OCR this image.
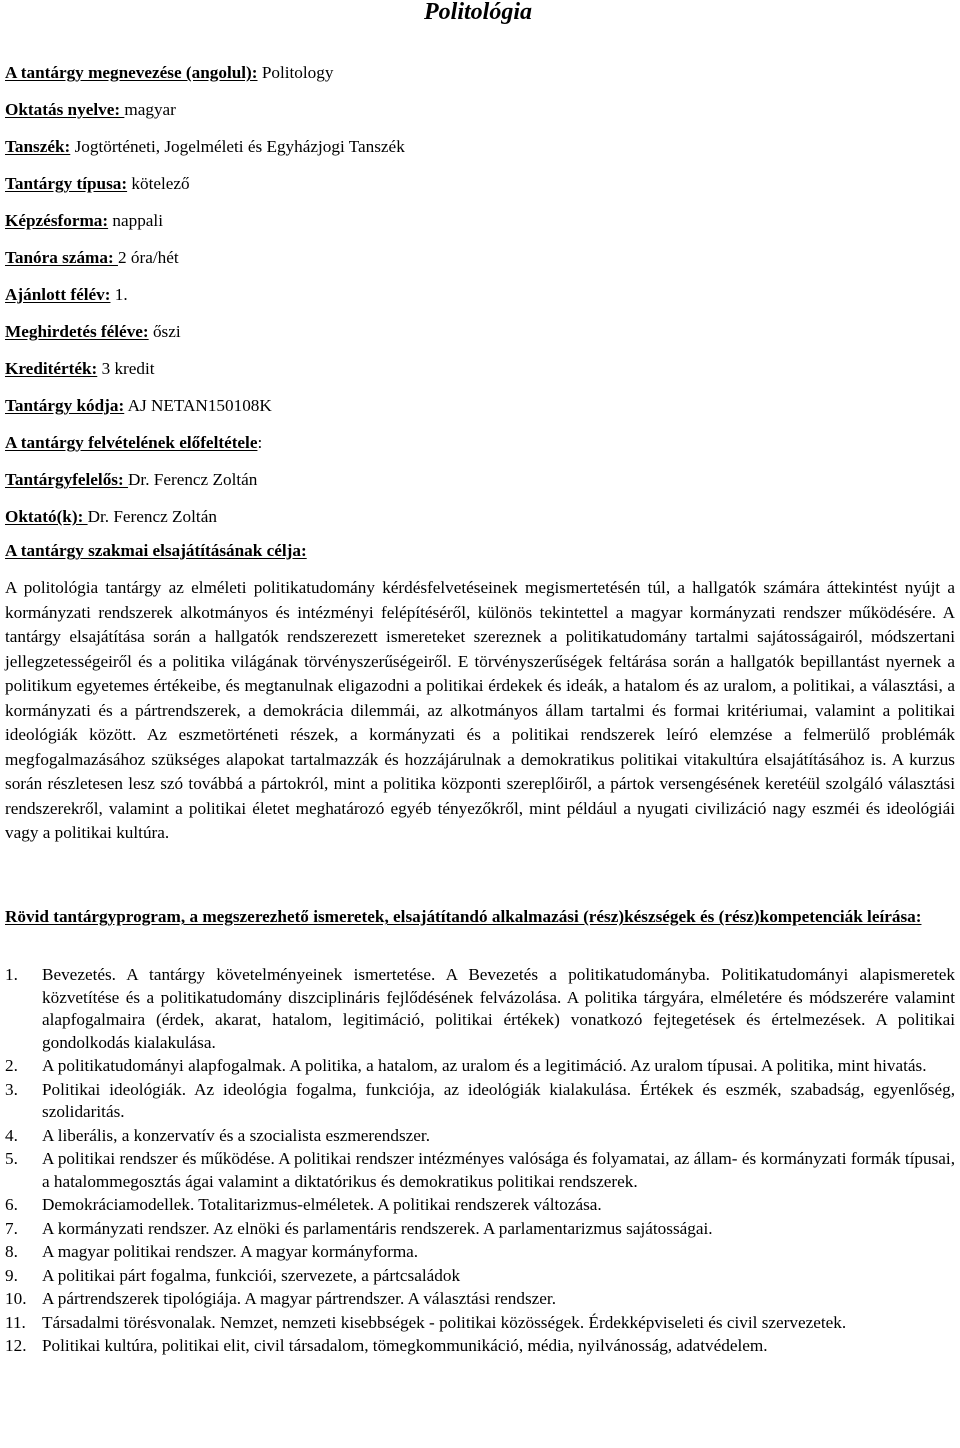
Politológia
A tantárgy megnevezése (angolul): Politology
Oktatás nyelve: magyar
Tanszék: Jogtörténeti, Jogelméleti és Egyházjogi Tanszék
Tantárgy típusa: kötelező
Képzésforma: nappali
Tanóra száma: 2 óra/hét
Ajánlott félév: 1.
Meghirdetés féléve: őszi
Kreditérték: 3 kredit
Tantárgy kódja: AJ NETAN150108K
A tantárgy felvételének előfeltétele:
Tantárgyfelelős: Dr. Ferencz Zoltán
Oktató(k): Dr. Ferencz Zoltán
A tantárgy szakmai elsajátításának célja:

A politológia tantárgy az elméleti politikatudomány kérdésfelvetéseinek megismertetésén túl, a hallgatók számára áttekintést nyújt a kormányzati rendszerek alkotmányos és intézményi felépítéséről, különös tekintettel a magyar kormányzati rendszer működésére. A tantárgy elsajátítása során a hallgatók rendszerezett ismereteket szereznek a politikatudomány tartalmi sajátosságairól, módszertani jellegzetességeiről és a politika világának törvényszerűségeiről. E törvényszerűségek feltárása során a hallgatók bepillantást nyernek a politikum egyetemes értékeibe, és megtanulnak eligazodni a politikai érdekek és ideák, a hatalom és az uralom, a politikai, a választási, a kormányzati és a pártrendszerek, a demokrácia dilemmái, az alkotmányos állam tartalmi és formai kritériumai, valamint a politikai ideológiák között. Az eszmetörténeti részek, a kormányzati és a politikai rendszerek leíró elemzése a felmerülő problémák megfogalmazásához szükséges alapokat tartalmazzák és hozzájárulnak a demokratikus politikai vitakultúra elsajátításához is. A kurzus során részletesen lesz szó továbbá a pártokról, mint a politika központi szereplőiről, a pártok versengésének keretéül szolgáló választási rendszerekről, valamint a politikai életet meghatározó egyéb tényezőkről, mint például a nyugati civilizáció nagy eszméi és ideológiái vagy a politikai kultúra.

Rövid tantárgyprogram, a megszerezhető ismeretek, elsajátítandó alkalmazási (rész)készségek és (rész)kompetenciák leírása:

1.	Bevezetés. A tantárgy követelményeinek ismertetése. A Bevezetés a politikatudományba. Politikatudományi alapismeretek közvetítése és a politikatudomány diszciplináris fejlődésének felvázolása. A politika tárgyára, elméletére és módszerére valamint alapfogalmaira (érdek, akarat, hatalom, legitimáció, politikai értékek) vonatkozó fejtegetések és értelmezések. A politikai gondolkodás kialakulása.
2.	A politikatudományi alapfogalmak. A politika, a hatalom, az uralom és a legitimáció. Az uralom típusai. A politika, mint hivatás.
3.	Politikai ideológiák. Az ideológia fogalma, funkciója, az ideológiák kialakulása. Értékek és eszmék, szabadság, egyenlőség, szolidaritás.
4.	A liberális, a konzervatív és a szocialista eszmerendszer.
5.	A politikai rendszer és működése. A politikai rendszer intézményes valósága és folyamatai, az állam- és kormányzati formák típusai, a hatalommegosztás ágai valamint a diktatórikus és demokratikus politikai rendszerek.
6.	Demokráciamodellek. Totalitarizmus-elméletek. A politikai rendszerek változása.
7.	A kormányzati rendszer. Az elnöki és parlamentáris rendszerek. A parlamentarizmus sajátosságai.
8.	A magyar politikai rendszer. A magyar kormányforma.
9.	A politikai párt fogalma, funkciói, szervezete, a pártcsaládok
10. A pártrendszerek tipológiája. A magyar pártrendszer. A választási rendszer.
11. Társadalmi törésvonalak. Nemzet, nemzeti kisebbségek - politikai közösségek. Érdekképviseleti és civil szervezetek.
12. Politikai kultúra, politikai elit, civil társadalom, tömegkommunikáció, média, nyilvánosság, adatvédelem.
